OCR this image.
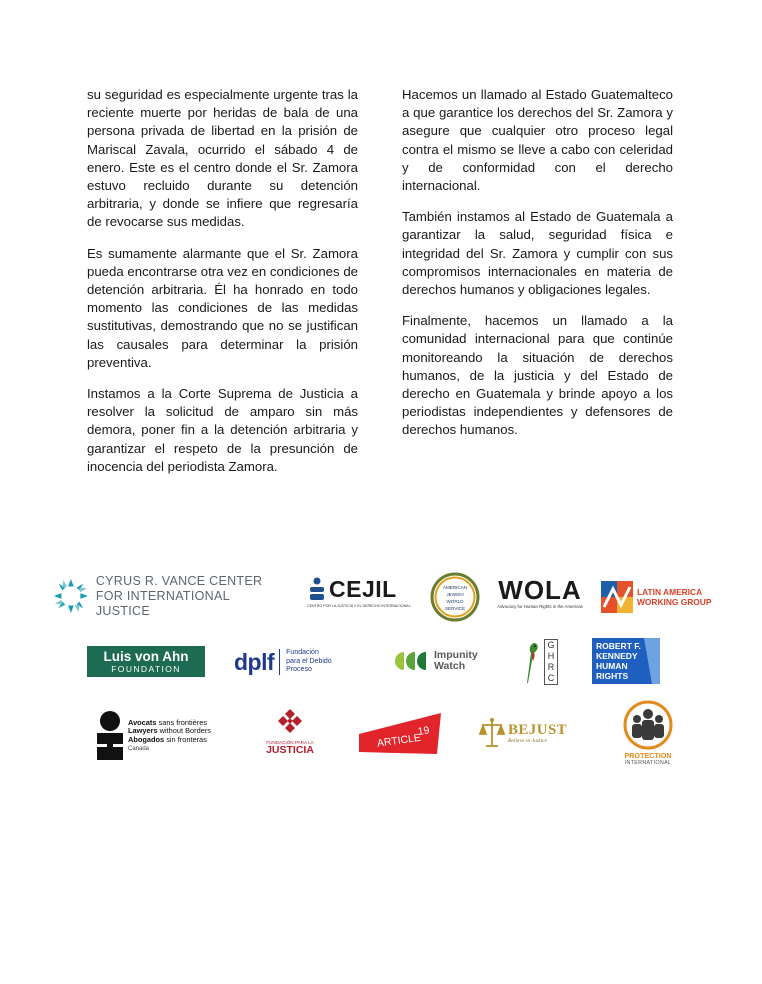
su seguridad es especialmente urgente tras la reciente muerte por heridas de bala de una persona privada de libertad en la prisión de Mariscal Zavala, ocurrido el sábado 4 de enero. Este es el centro donde el Sr. Zamora estuvo recluido durante su detención arbitraria, y donde se infiere que regresaría de revocarse sus medidas.

Es sumamente alarmante que el Sr. Zamora pueda encontrarse otra vez en condiciones de detención arbitraria. Él ha honrado en todo momento las condiciones de las medidas sustitutivas, demostrando que no se justifican las causales para determinar la prisión preventiva.

Instamos a la Corte Suprema de Justicia a resolver la solicitud de amparo sin más demora, poner fin a la detención arbitraria y garantizar el respeto de la presunción de inocencia del periodista Zamora.

Hacemos un llamado al Estado Guatemalteco a que garantice los derechos del Sr. Zamora y asegure que cualquier otro proceso legal contra el mismo se lleve a cabo con celeridad y de conformidad con el derecho internacional.

También instamos al Estado de Guatemala a garantizar la salud, seguridad física e integridad del Sr. Zamora y cumplir con sus compromisos internacionales en materia de derechos humanos y obligaciones legales.

Finalmente, hacemos un llamado a la comunidad internacional para que continúe monitoreando la situación de derechos humanos, de la justicia y del Estado de derecho en Guatemala y brinde apoyo a los periodistas independientes y defensores de derechos humanos.

CYRUS R. VANCE CENTER
FOR INTERNATIONAL JUSTICE
CEJIL
CENTRO POR LA JUSTICIA Y EL DERECHO INTERNACIONAL
AMERICAN
JEWISH
WORLD
SERVICE
WOLA
Advocacy for Human Rights in the Americas
LATIN AMERICA
WORKING GROUP
Luis von Ahn
FOUNDATION dplf Fundación
para el Debido
Proceso
Impunity
Watch
G
H
R
C
ROBERT F.
KENNEDY
HUMAN
RIGHTS
Avocats sans frontières
Lawyers without Borders
Abogados sin fronteras
Canada
FUNDACIÓN PARA LA
JUSTICIA
ARTICLE
19	BEJUST
Believe in Justice
PROTECTION
INTERNATIONAL
